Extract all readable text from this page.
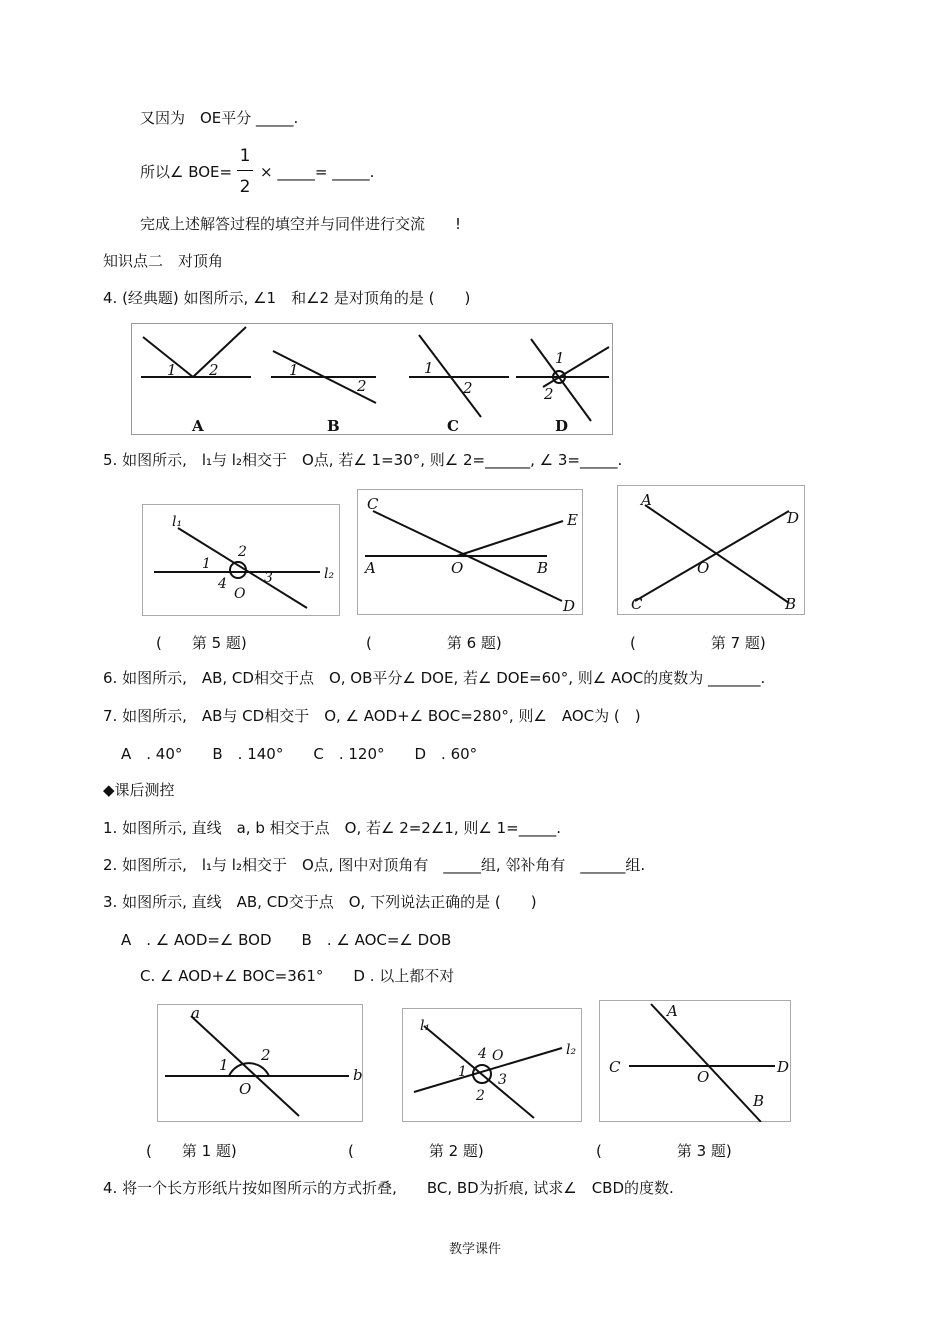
又因为　OE平分 _____.
所以∠ BOE=
1
2
× _____= _____.
完成上述解答过程的填空并与同伴进行交流　　!
知识点二　对顶角
4. (经典题) 如图所示, ∠1　和∠2 是对顶角的是 (　　)
1 2	1
2
1
2
1
2
A	B	C	D
5. 如图所示,　l₁与 l₂相交于　O点, 若∠ 1=30°, 则∠ 2=______, ∠ 3=_____.
l₁
l₂
1
2
3
4
O
C
E
A	O	B
D
A
D
O
C	B
(　　第 5 题)	(　　　　　第 6 题)	(　　　　　第 7 题)
6. 如图所示,　AB, CD相交于点　O, OB平分∠ DOE, 若∠ DOE=60°, 则∠ AOC的度数为 _______.
7. 如图所示,　AB与 CD相交于　O, ∠ AOD+∠ BOC=280°, 则∠　AOC为 (　)
A　. 40°　　B　. 140°　　C　. 120°　　D　. 60°
◆课后测控
1. 如图所示, 直线　a, b 相交于点　O, 若∠ 2=2∠1, 则∠ 1=_____.
2. 如图所示,　l₁与 l₂相交于　O点, 图中对顶角有　_____组, 邻补角有　______组.
3. 如图所示, 直线　AB, CD交于点　O, 下列说法正确的是 (　　)
A　. ∠ AOD=∠ BOD　　B　. ∠ AOC=∠ DOB
C. ∠ AOD+∠ BOC=361°　　D . 以上都不对
a
b
1
2
O
l₁
l₂
4 O
1 3
2
A
C
O
D
B
(　　第 1 题)	(　　　　　第 2 题)	(　　　　　第 3 题)
4. 将一个长方形纸片按如图所示的方式折叠,　　BC, BD为折痕, 试求∠　CBD的度数.
教学课件
